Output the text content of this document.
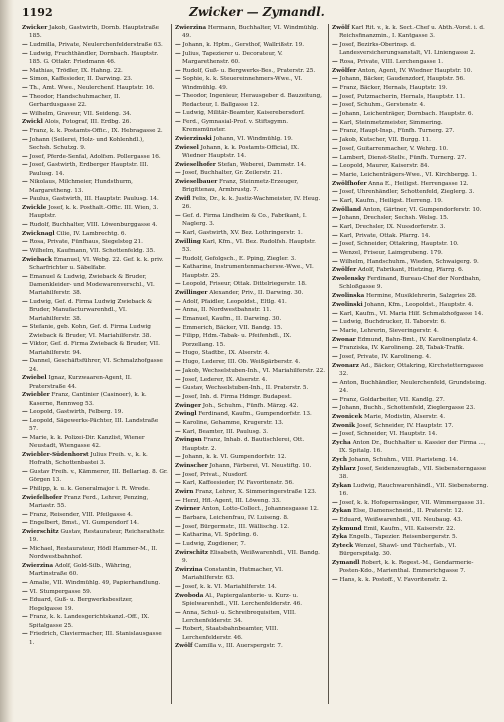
1192	Zwicker — Zymandl.
Zwicker Jakob, Gastwirth, Dornb. Hauptstraße 185.
— Ludmilla, Private, Neulerchenfelderstraße 63.
— Ludwig, Fruchthändler, Dornbach. Hauptstr. 185. G. Ottakr. Friedmann 46.
— Mathias, Trödler, IX. Hahng. 22.
— Simon, Kaffesieder, II. Darwing. 23.
— Th., Amt. Wwe., Neulerchenf. Hauptstr. 16.
— Theodor, Handschuhmacher, II. Gerhardusgasse 22.
— Wilhelm, Graveur, VII. Seideng. 34.
Zwickl Alois, Fotograf, III. Erdbg. 26.
— Franz, k. k. Postamts-Offic., IX. Hebragasse 2.
— Johann (Seilerei, Holz- und Kohlenhdl.), Sechsh. Schutzg. 9.
— Josef, Pferde-Senfal, Adolfsm. Pollergasse 16.
— Josef, Gastwirth, Erdberger Hauptstr. III. Paulusg. 14.
— Nikolaus, Milchmeier, Hundsthurm, Margaretheng. 13.
— Paulus, Gastwirth, III. Hauptstr. Paulusg. 14.
Zwickle Josef, k. k. Posthalt.-Offic. III. Wien, 3. Hauptstr.
— Rudolf, Buchhalter, VIII. Löwenburggasse 4.
Zwicknagl Cilie, IV. Lambrechtg. 6.
— Rosa, Private, Fünfhaus, Siegelsteg 21.
— Wilhelm, Kaufmann, VII. Schottenfeldg. 35.
Zwieback Emanuel, VI. Webg. 22. Gef. k. k. priv. Scharfrichter u. Säbelfabr.
— Emanuel & Ludwig, Zwieback & Bruder, Damenkleider- und Modewarenverschl., VI. Mariahilferstr. 38.
— Ludwig, Gef. d. Firma Ludwig Zwieback & Bruder, Manufacturwarenhdl., VI. Mariahilferstr. 38.
— Stefanie, geb. Kohn, Gef. d. Firma Ludwig Zwieback & Bruder, VI. Mariahilferstr. 38.
— Viktor, Gef. d. Firma Zwieback & Bruder, VII. Mariahilferstr. 94.
— Dannel, Geschäftsführer, VI. Schmalzhofgasse 24.
Zwiebel Ignaz, Kurzwaaren-Agent, II. Praterstraße 44.
Zwiebler Franz, Cantinier (Casinoer), k. k. Kaserne, Rennweg 53.
— Leopold, Gastwirth, Felberg. 19.
— Leopold, Sägewerks-Pächter, III. Landstraße 57.
— Marie, k. k. Polizei-Dir. Kanzlist, Wiener Neustadt, Wiengasse 42.
Zwiebler-Südenhorst Julius Freih. v., k. k. Hofrath, Schottenbastei 3.
— Gustav Freih. v., Kämmerer, III. Bellariag. 8. Gr. Görgen 13.
— Philipp, k. u. k. Generalmajor i. R. Wrede.
Zwiefelhofer Franz Ferd., Lehrer, Penzing, Mariastr. 55.
— Franz, Reisender, VIII. Pfeilgasse 4.
— Engelbert, Bmst., VI. Gumpendorf 14.
Zwierschitz Gustav, Restaurateur, Reichsrathstr. 19.
— Michael, Restaurateur, Hödl Hammer-M., II. Nordwestbahnhof.
Zwierzina Adolf, Gold-Silb., Währing, Martinstraße 60.
— Amalie, VII. Windmühlg. 49, Papierhandlung.
— VI. Stumpergasse 59.
— Eduard, Guß- u. Bergwerksbesitzer, Hegelgasse 19.
— Franz, k. k. Landesgerichtskanzl.-Off., IX. Spitalgasse 25.
— Friedrich, Claviermacher, III. Stanislausgasse 1.
Zwierzina Hermann, Buchhalter, VI. Windmühlg. 49.
— Johann, k. Hptm., Gersthof, Wallrißstr. 19.
— Julius, Tapezierer u. Decorateur, V. Margarethenstr. 60.
— Rudolf, Guß- u. Bergwerks-Bes., Praterstr. 25.
— Sophie, k. k. Steuereinnehmers-Wwe., VI. Windmühlg. 49.
— Theodor, Ingenieur, Herausgeber d. Bauzeitung, Redacteur, I. Ballgasse 12.
— Ludwig, Militär-Beamter, Kaiserebersdorf.
— Ferd., Gymnasial-Prof. v. Stiftsgymn. Kremsmünster.
Zwierzinski Johann, VI. Windmühlg. 19.
Zwiesel Johann, k. k. Postamts-Official, IX. Wiedner Hauptstr. 14.
Zwieselhofer Stefan, Weberei, Dammstr. 14.
— Josef, Buchhalter, Gr. Zeilerstr. 21.
Zwieselbauer Franz, Steinmetz-Erzeuger, Brigittenau, Armbrustg. 7.
Zwifl Felix, Dr., k. k. Justiz-Wachmeister, IV. Heug. 26.
— Gef. d. Firma Lindheim & Co., Fabrikant, I. Naglerg. 3.
— Karl, Gastwirth, XV. Bez. Lothringerstr. 1.
Zwilling Karl, Kfm., VI. Bez. Rudolfsh. Hauptstr. 53.
— Rudolf, Gefolgsch., E. Pping, Ziegler. 3.
— Katharine, Instrumentenmachersw.-Wwe., VI. Hauptstr. 25.
— Leopold, Friseur, Ottak. Dittelriegerstr. 18.
Zwillinger Alexander, Priv., II. Darwing. 30.
— Adolf, Pfaidler, Leopoldst., Eltlg. 41.
— Anna, II. Nordwestbahnstr. 11.
— Emanuel, Kaufm., II. Darwing. 30.
— Emmerich, Bäcker, VII. Bandg. 15.
— Filipp, Hdm.-Tabak- u. Pfeifenhdl., IX. Porzellang. 15.
— Hugo, Stadtbr., IX. Alserstr. 4.
— Hugo, Lederer, III. Ob. Weißgärberstr. 4.
— Jakob, Wechselstuben-Inh., VI. Mariahilferstr. 22.
— Josef, Lederer, IX. Alserstr. 4.
— Gustav, Wechselstuben-Inh., II. Praterstr. 5.
— Josef, Inh. d. Firma Hdmgr. Budapest.
Zwinger Joh., Schuhm., Fünfh. Märzg. 42.
Zwingl Ferdinand, Kaufm., Gumpendorfstr. 13.
— Karoline, Gehamme, Krugerstr. 13.
— Karl, Beamter, III. Paulusg. 3.
Zwingsn Franz, Inhab. d. Bautischlerei, Ott. Hauptstr. 2.
— Johann, k. k. VI. Gumpendorfstr. 12.
Zwinscher Johann, Färberei, VI. Neustiftg. 10.
— Josef, Privat., Nusdorf.
— Karl, Kaffeesieder, IV. Favoritenstr. 56.
Zwirn Franz, Lehrer, X. Simmeringerstraße 123.
— Herzl, Hfl.-Agent, III. Löweng. 33.
Zwirner Anton, Lotto-Collect., Johannesgasse 12.
— Barbara, Leichenfrau, IV. Luiseng. 8.
— Josef, Bürgermstr., III. Wällischg. 12.
— Katharina, VI. Spörling. 6.
— Ludwig, Zugdiener, 7.
Zwirschitz Elisabeth, Weißwarenhdl., VII. Bandg. 9.
Zwirzina Constantin, Hutmacher, VI. Mariahilferstr. 63.
— Josef, k. k. VI. Mariahilferstr. 14.
Zwoboda Al., Papiergalanterie- u. Kurz- u. Spielwarenhdl., VII. Lerchenfelderstr. 46.
— Anna, Schul- u. Schreibrequisiten, VIII. Lerchenfelderstr. 34.
— Robert, Staatsbahnbeamter, VIII. Lerchenfelderstr. 46.
Zwölf Camilla v., III. Auerspergstr. 7.
Zwölf Karl Rit. v., k. k. Sect.-Chef u. Abth.-Vorst. i. d. Reichsfinanzmin., I. Kantgasse 3.
— Josef, Bezirks-Oberinsp. d. Landesversicherungsanstalt, VI. Liniengasse 2.
— Rosa, Private, VIII. Lerchengasse 1.
Zwölfer Anton, Agent, IV. Wiedner Hauptstr. 10.
— Johann, Bäcker, Gaudenzdorf, Hauptstr. 56.
— Franz, Bäcker, Hernals, Hauptstr. 19.
— Josef, Putzmacherin, Hernals, Hauptstr. 11.
— Josef, Schuhm., Gerstenstr. 4.
— Johann, Leichenträger, Dornbach. Hauptstr. 6.
— Karl, Steinmetzmeister, Simmering.
— Franz, Haupt-Insp., Fünfh. Turnerg. 27.
— Jakob, Kutscher, VII. Burgg. 11.
— Josef, Guitarrenmacher, V. Wehrg. 10.
— Lambert, Dienst-Stellv., Fünfh. Turnerg. 27.
— Leopold, Maurer, Kaiserstr. 84.
— Marie, Leichenträgers-Wwe., VI. Kirchbergg. 1.
Zwölfhofer Anna E., Heiligst. Herrengasse 12.
— Josef, Uhrenhändler, Schottenfeld, Zieglerg. 3.
— Karl, Kaufm., Heiligst. Herreng. 19.
Zwölland Anton, Gärtner, VI. Gumpendorferstr. 10.
— Johann, Drechsler, Sechsh. Welsg. 15.
— Karl, Drechsler, IX. Nussdorferstr. 3.
— Karl, Private, Ottak. Pfarrg. 14.
— Josef, Schneider, Ottakring, Hauptstr. 10.
— Wenzel, Friseur, Laimgrubeng. 179.
— Wilhelm, Handschuhm., Wieden, Schwaigerg. 9.
Zwölfer Adolf, Fabrikant, Hietzing, Pfarrg. 6.
Zwolensky Ferdinand, Bureau-Chef der Nordbahn, Schloßgasse 9.
Zwolinska Hermine, Musiklehrerin, Salzgries 28.
Zwolinski Johann, Kfm., Leopoldst., Hauptstr. 4.
— Karl, Kaufm., VI. Maria Hilf. Schmalzhofgasse 14.
— Ludwig, Buchdrucker, II. Taborstr. 6.
— Marie, Lehrerin, Sieveringerstr. 4.
Zwonar Edmund, Bahn-Bmt., IV. Karolinenplatz 4.
— Franziska, IV. Karolineng. 28, Tabak-Trafik.
— Josef, Private, IV. Karolineng. 4.
Zwonarz Ad., Bäcker, Ottakring, Kirchstetterngasse 32.
— Anton, Buchhändler, Neulerchenfeld, Grundsteing. 24.
— Franz, Goldarbeiter, VII. Kandlg. 27.
— Johann, Buchh., Schottenfeld, Zieglergasse 23.
Zwonicek Marie, Modistin, Alserstr. 4.
Zwonik Josef, Schneider, IV. Hauptstr. 17.
— Josef, Schneider, VI. Hauptstr. 14.
Zycha Anton Dr., Buchhalter u. Kassier der Firma ..., IX. Spitalg. 16.
Zych Johann, Schuhm., VIII. Piaristeng. 14.
Zyhlarz Josef, Seidenzeugfab., VII. Siebensterngasse 38.
Zykan Ludwig, Rauchwarenhändl., VII. Siebensterng. 16.
— Josef, k. k. Hofopernsänger, VII. Wimmergasse 31.
Zykan Else, Damenschneid., II. Praterstr. 12.
— Eduard, Weißwarenhdl., VII. Neubaug. 43.
Zykmund Emil, Kaufm., VII. Kaiserstr. 22.
Zyka Engelb., Tapezier. Reisenbergerstr. 5.
Zyteck Wenzel, Shawl- und Tücherfab., VI. Bürgerspitalg. 30.
Zymandl Robert, k. k. Regest.-M., Gendarmerie-Posten-Kdo., Marienthal. Emmerichgasse 7.
— Hans, k. k. Postoff., V. Favoritenstr. 2.
